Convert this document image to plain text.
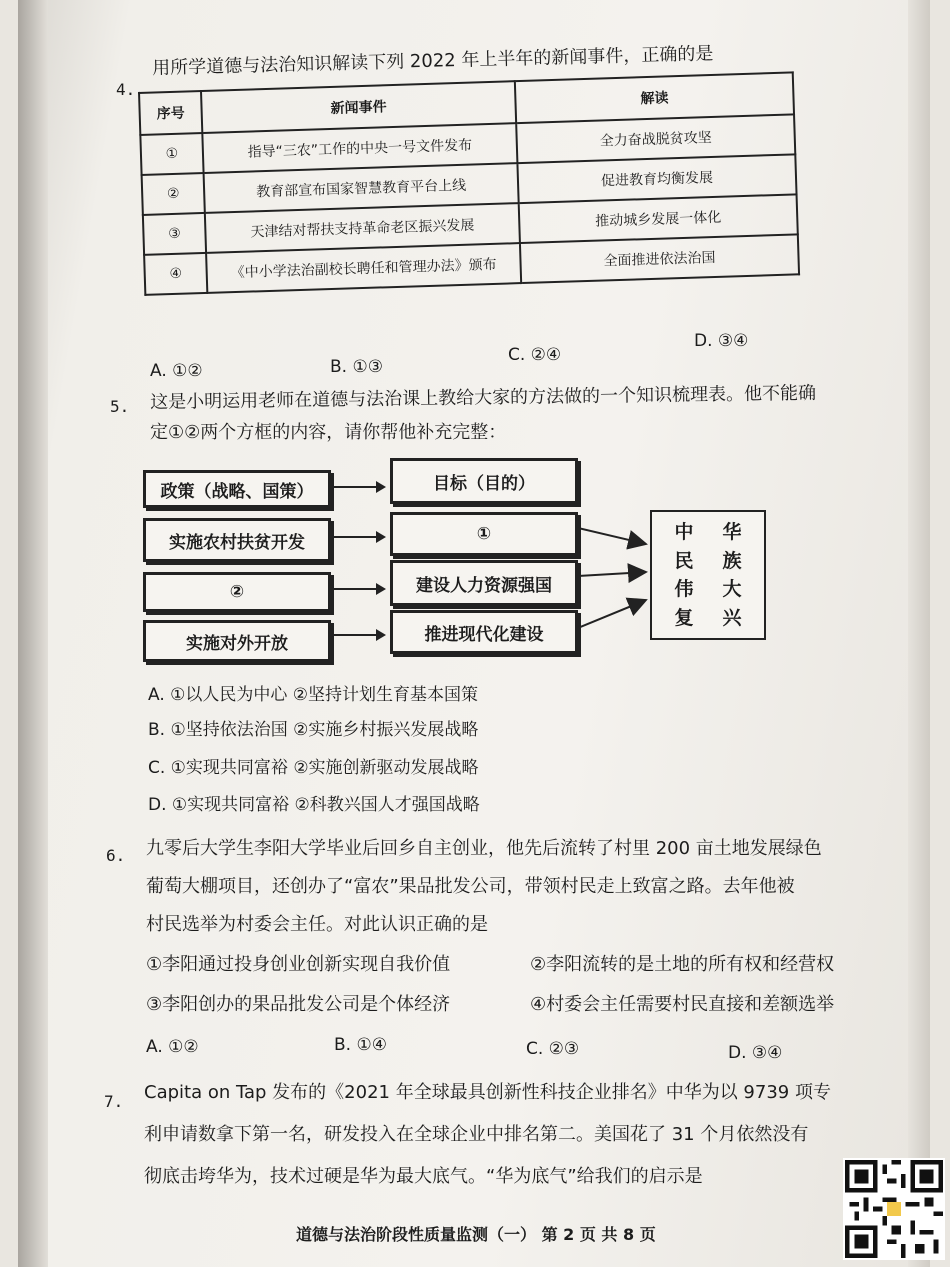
4.
用所学道德与法治知识解读下列 2022 年上半年的新闻事件，正确的是
序号	新闻事件	解读
①	指导“三农”工作的中央一号文件发布	全力奋战脱贫攻坚
②	教育部宣布国家智慧教育平台上线	促进教育均衡发展
③	天津结对帮扶支持革命老区振兴发展	推动城乡发展一体化
④	《中小学法治副校长聘任和管理办法》颁布	全面推进依法治国
A. ①②	B. ①③
C. ②④
D. ③④
5. 这是小明运用老师在道德与法治课上教给大家的方法做的一个知识梳理表。他不能确
定①②两个方框的内容，请你帮他补充完整：
政策（战略、国策）
实施农村扶贫开发
②
实施对外开放
目标（目的）
①
建设人力资源强国
推进现代化建设
中	华
民	族
伟	大
复	兴
A. ①以人民为中心 ②坚持计划生育基本国策
B. ①坚持依法治国 ②实施乡村振兴发展战略
C. ①实现共同富裕 ②实施创新驱动发展战略
D. ①实现共同富裕 ②科教兴国人才强国战略
6. 九零后大学生李阳大学毕业后回乡自主创业，他先后流转了村里 200 亩土地发展绿色
葡萄大棚项目，还创办了“富农”果品批发公司，带领村民走上致富之路。去年他被
村民选举为村委会主任。对此认识正确的是
①李阳通过投身创业创新实现自我价值	②李阳流转的是土地的所有权和经营权
③李阳创办的果品批发公司是个体经济	④村委会主任需要村民直接和差额选举
A. ①②	B. ①④	C. ②③	D. ③④
7. Capita on Tap 发布的《2021 年全球最具创新性科技企业排名》中华为以 9739 项专
利申请数拿下第一名，研发投入在全球企业中排名第二。美国花了 31 个月依然没有
彻底击垮华为，技术过硬是华为最大底气。“华为底气”给我们的启示是
道德与法治阶段性质量监测（一） 第 2 页 共 8 页
